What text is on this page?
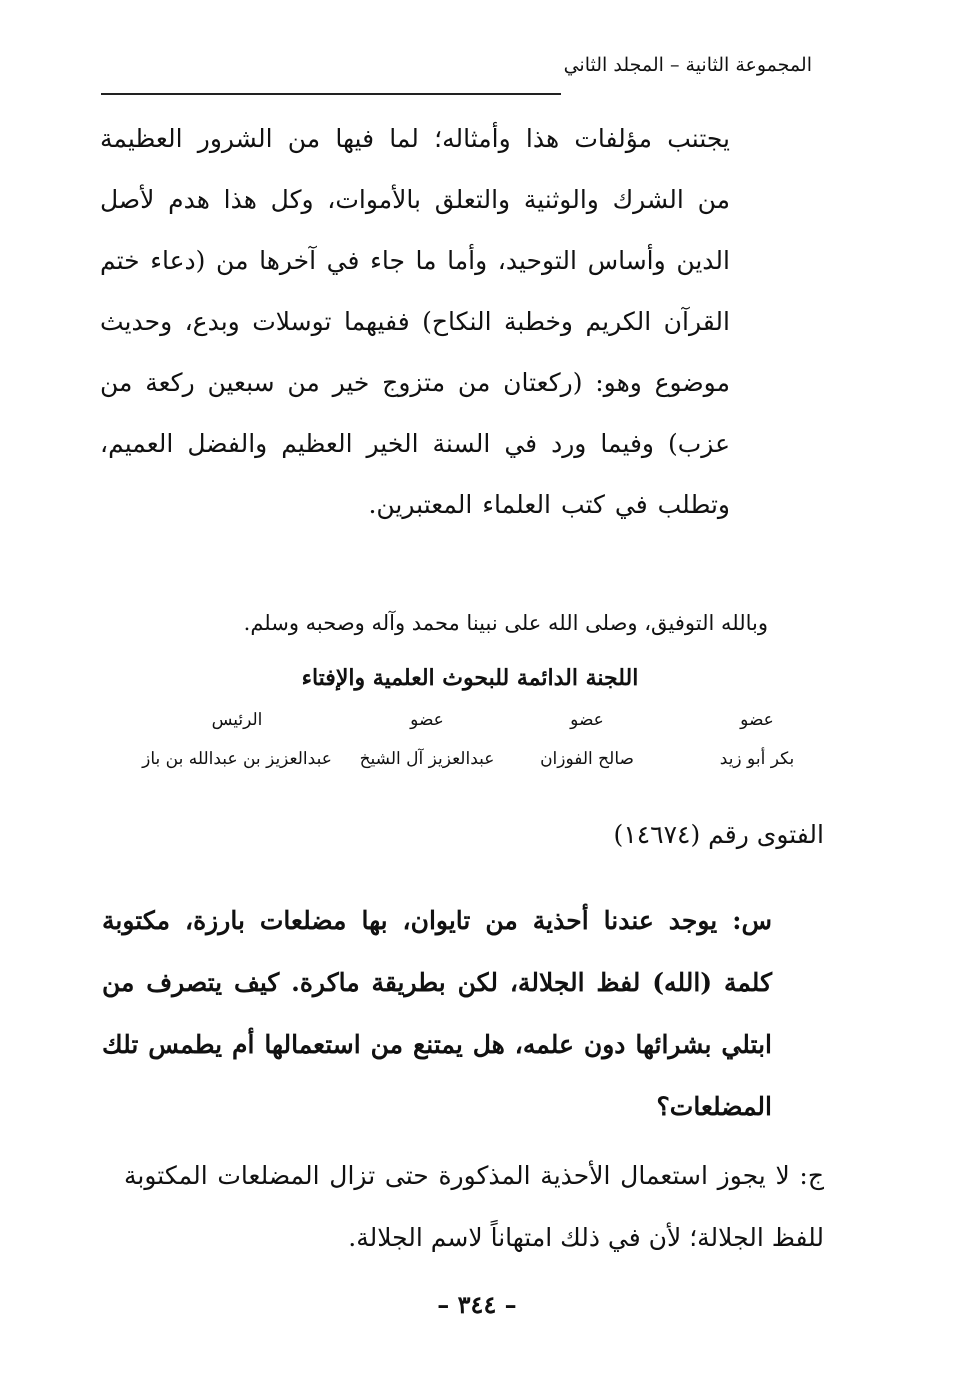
المجموعة الثانية – المجلد الثاني

يجتنب مؤلفات هذا وأمثاله؛ لما فيها من الشرور العظيمة من الشرك والوثنية والتعلق بالأموات، وكل هذا هدم لأصل الدين وأساس التوحيد، وأما ما جاء في آخرها من (دعاء ختم القرآن الكريم وخطبة النكاح) ففيهما توسلات وبدع، وحديث موضوع وهو: (ركعتان من متزوج خير من سبعين ركعة من عزب) وفيما ورد في السنة الخير العظيم والفضل العميم، وتطلب في كتب العلماء المعتبرين.

وبالله التوفيق، وصلى الله على نبينا محمد وآله وصحبه وسلم.
اللجنة الدائمة للبحوث العلمية والإفتاء
عضو
بكر أبو زيد
عضو
صالح الفوزان
عضو
عبدالعزيز آل الشيخ
الرئيس
عبدالعزيز بن عبدالله بن باز
الفتوى رقم (١٤٦٧٤)

س: يوجد عندنا أحذية من تايوان، بها مضلعات بارزة، مكتوبة كلمة (الله) لفظ الجلالة، لكن بطريقة ماكرة. كيف يتصرف من ابتلي بشرائها دون علمه، هل يمتنع من استعمالها أم يطمس تلك المضلعات؟

ج: لا يجوز استعمال الأحذية المذكورة حتى تزال المضلعات المكتوبة للفظ الجلالة؛ لأن في ذلك امتهاناً لاسم الجلالة.

– ٣٤٤ –
